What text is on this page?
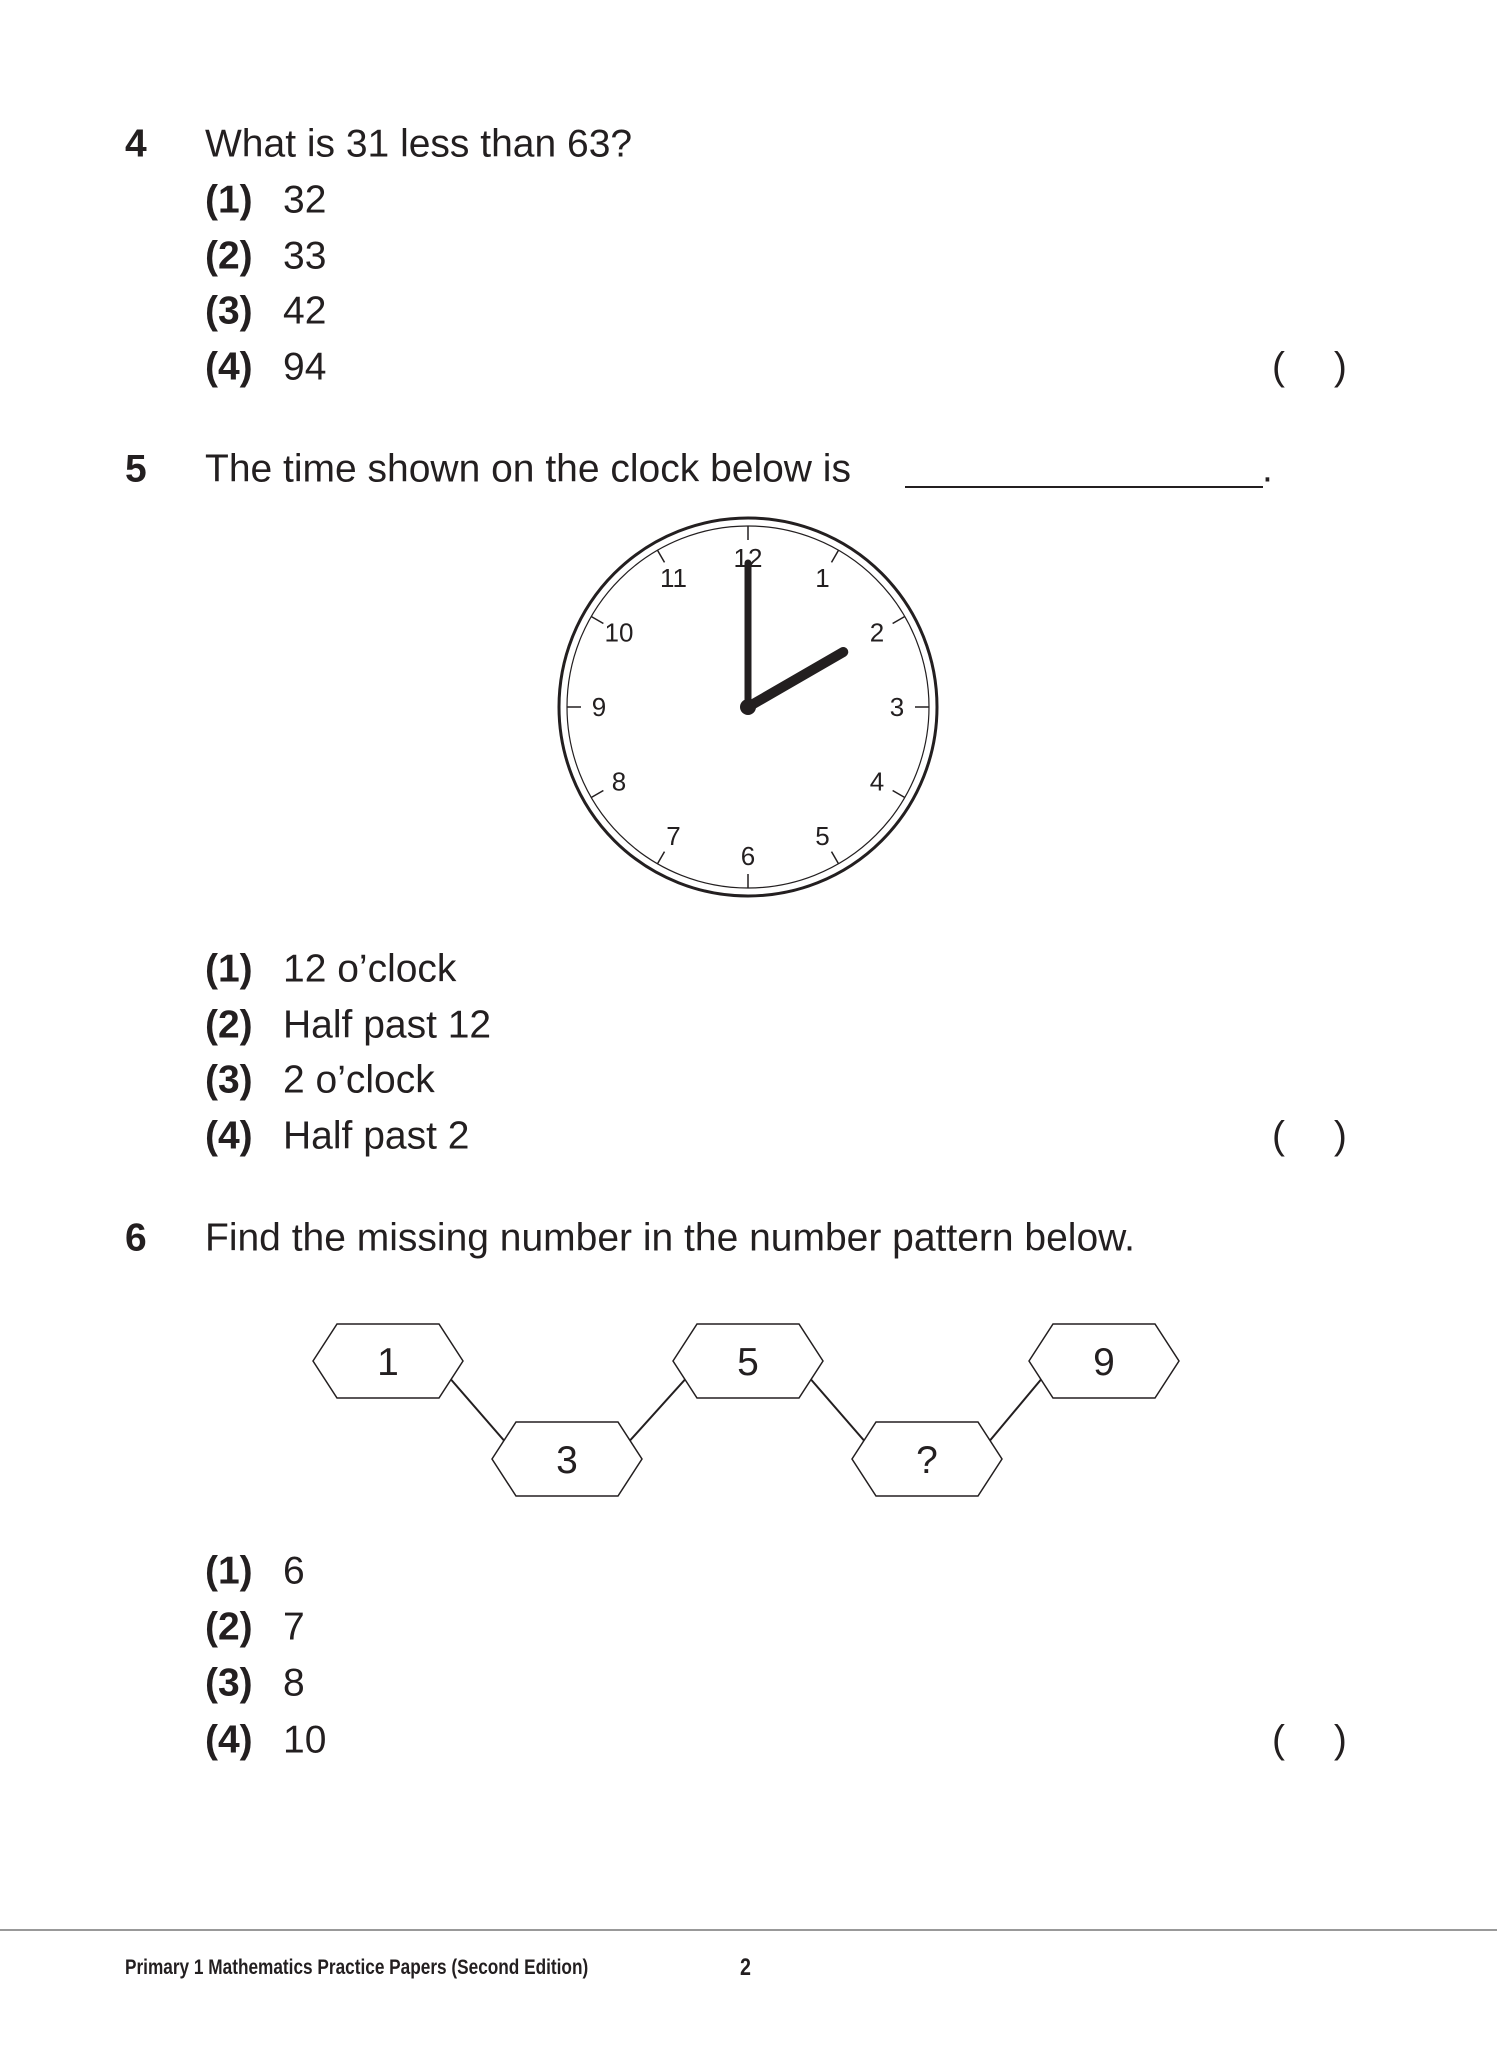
4 What is 31 less than 63?
(1) 32
(2) 33
(3) 42
(4) 94	( )
5 The time shown on the clock below is	.
12
1
2
3
4
5
6
7
8
9
10
11
(1) 12 o’clock
(2) Half past 12
(3) 2 o’clock
(4) Half past 2	( )
6 Find the missing number in the number pattern below.
1
3
5
?
9
(1) 6
(2) 7
(3) 8
(4) 10	( )
Primary 1 Mathematics Practice Papers (Second Edition)	2
